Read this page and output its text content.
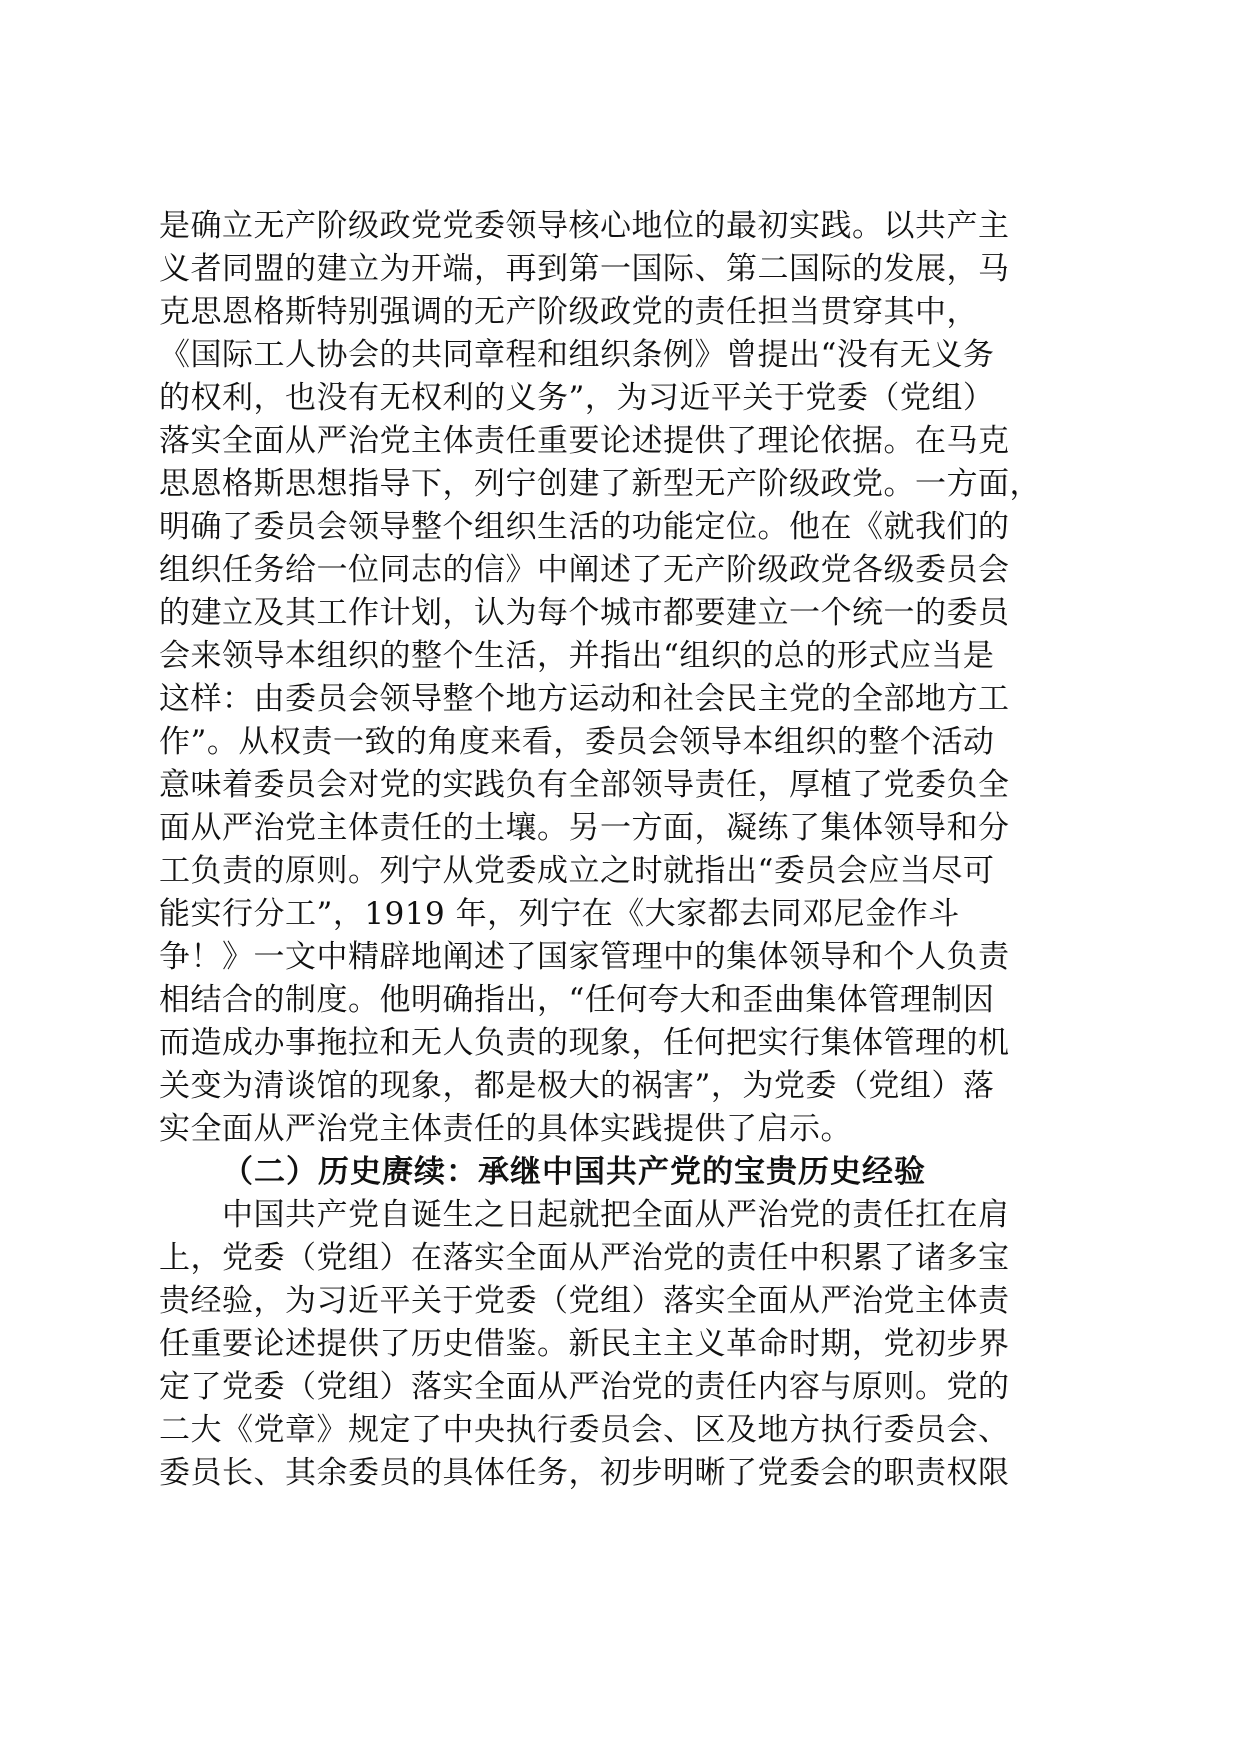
是确立无产阶级政党党委领导核心地位的最初实践。以共产主
义者同盟的建立为开端，再到第一国际、第二国际的发展，马
克思恩格斯特别强调的无产阶级政党的责任担当贯穿其中，
《国际工人协会的共同章程和组织条例》曾提出“没有无义务
的权利，也没有无权利的义务”，为习近平关于党委（党组）
落实全面从严治党主体责任重要论述提供了理论依据。在马克
思恩格斯思想指导下，列宁创建了新型无产阶级政党。一方面，
明确了委员会领导整个组织生活的功能定位。他在《就我们的
组织任务给一位同志的信》中阐述了无产阶级政党各级委员会
的建立及其工作计划，认为每个城市都要建立一个统一的委员
会来领导本组织的整个生活，并指出“组织的总的形式应当是
这样：由委员会领导整个地方运动和社会民主党的全部地方工
作”。从权责一致的角度来看，委员会领导本组织的整个活动
意味着委员会对党的实践负有全部领导责任，厚植了党委负全
面从严治党主体责任的土壤。另一方面，凝练了集体领导和分
工负责的原则。列宁从党委成立之时就指出“委员会应当尽可
能实行分工”，1919 年，列宁在《大家都去同邓尼金作斗
争！》一文中精辟地阐述了国家管理中的集体领导和个人负责
相结合的制度。他明确指出，“任何夸大和歪曲集体管理制因
而造成办事拖拉和无人负责的现象，任何把实行集体管理的机
关变为清谈馆的现象，都是极大的祸害”，为党委（党组）落
实全面从严治党主体责任的具体实践提供了启示。
（二）历史赓续：承继中国共产党的宝贵历史经验
中国共产党自诞生之日起就把全面从严治党的责任扛在肩
上，党委（党组）在落实全面从严治党的责任中积累了诸多宝
贵经验，为习近平关于党委（党组）落实全面从严治党主体责
任重要论述提供了历史借鉴。新民主主义革命时期，党初步界
定了党委（党组）落实全面从严治党的责任内容与原则。党的
二大《党章》规定了中央执行委员会、区及地方执行委员会、
委员长、其余委员的具体任务，初步明晰了党委会的职责权限
